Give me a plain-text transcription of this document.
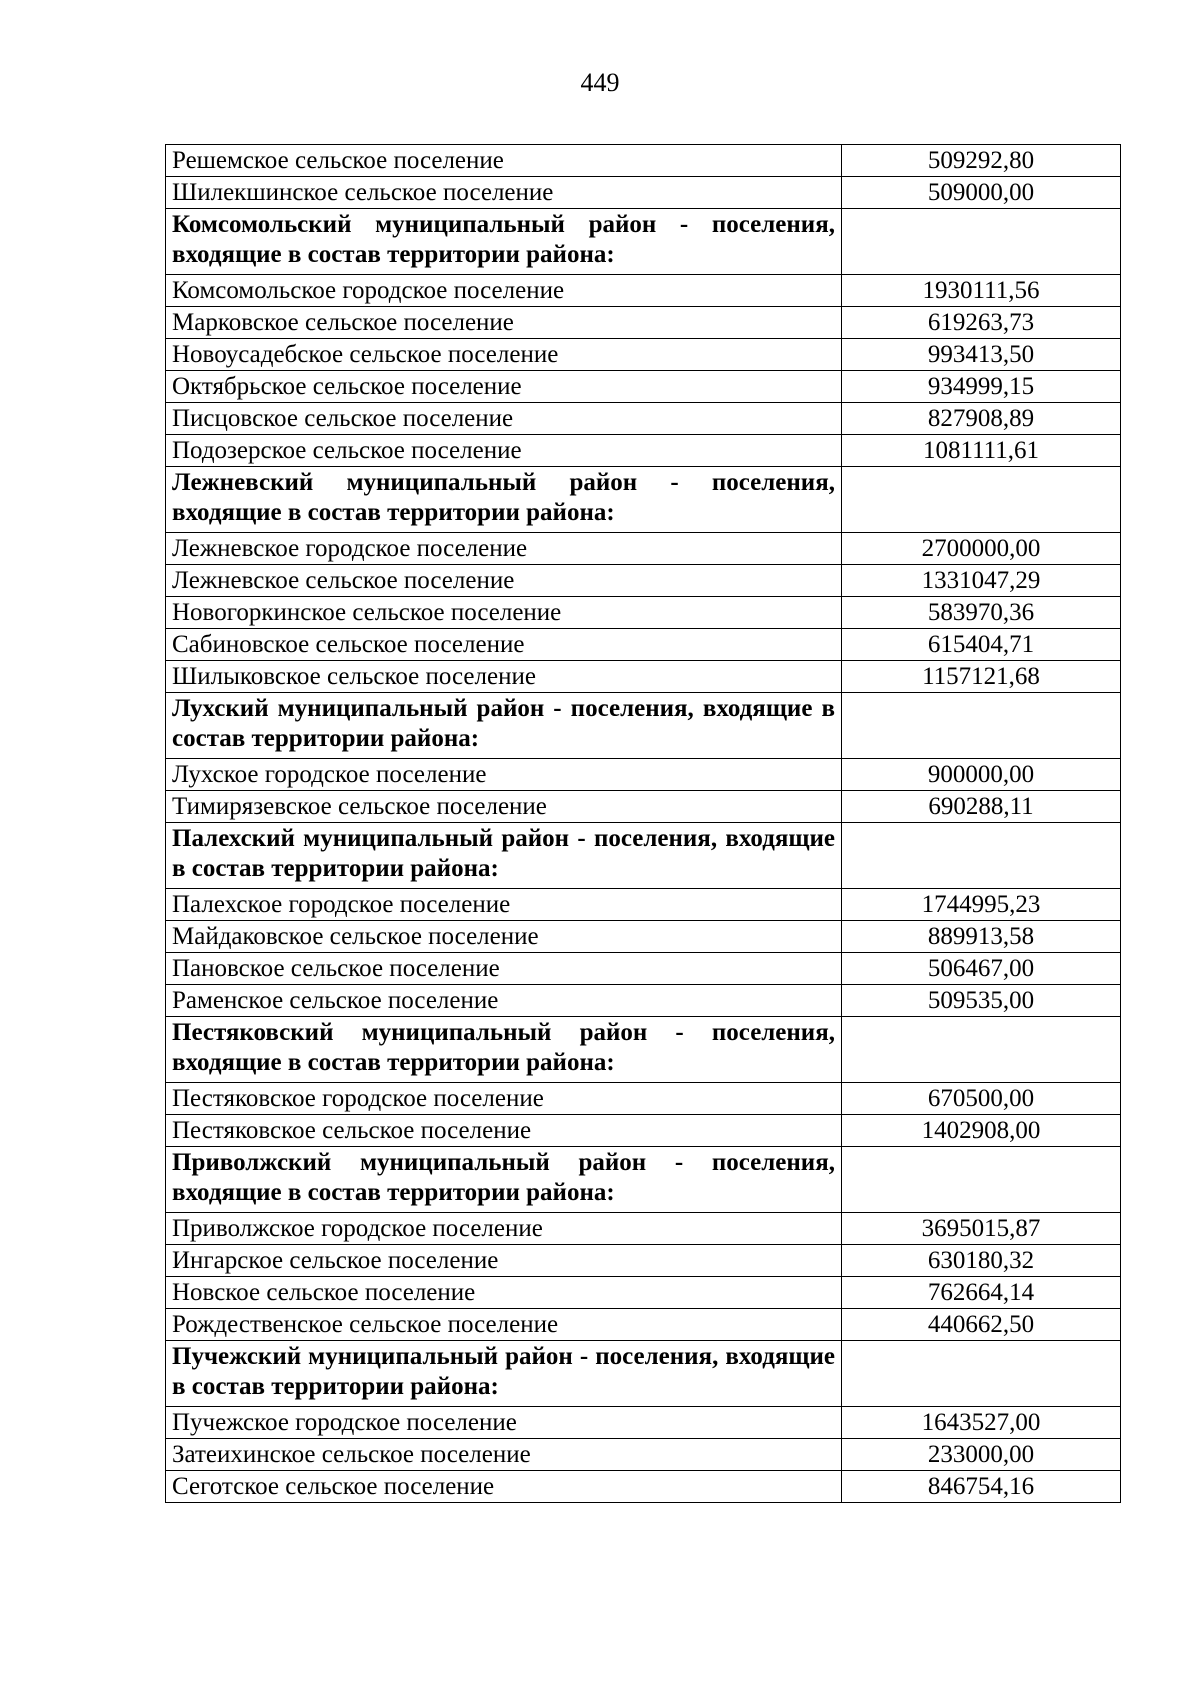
449
Решемское сельское поселение	509292,80
Шилекшинское сельское поселение	509000,00
Комсомольский муниципальный район - поселения, входящие в состав территории района:	
Комсомольское городское поселение	1930111,56
Марковское сельское поселение	619263,73
Новоусадебское сельское поселение	993413,50
Октябрьское сельское поселение	934999,15
Писцовское сельское поселение	827908,89
Подозерское сельское поселение	1081111,61
Лежневский муниципальный район - поселения, входящие в состав территории района:	
Лежневское городское поселение	2700000,00
Лежневское сельское поселение	1331047,29
Новогоркинское сельское поселение	583970,36
Сабиновское сельское поселение	615404,71
Шилыковское сельское поселение	1157121,68
Лухский муниципальный район - поселения, входящие в состав территории района:	
Лухское городское поселение	900000,00
Тимирязевское сельское поселение	690288,11
Палехский муниципальный район - поселения, входящие в состав территории района:	
Палехское городское поселение	1744995,23
Майдаковское сельское поселение	889913,58
Пановское сельское поселение	506467,00
Раменское сельское поселение	509535,00
Пестяковский муниципальный район - поселения, входящие в состав территории района:	
Пестяковское городское поселение	670500,00
Пестяковское сельское поселение	1402908,00
Приволжский муниципальный район - поселения, входящие в состав территории района:	
Приволжское городское поселение	3695015,87
Ингарское сельское поселение	630180,32
Новское сельское поселение	762664,14
Рождественское сельское поселение	440662,50
Пучежский муниципальный район - поселения, входящие в состав территории района:	
Пучежское городское поселение	1643527,00
Затеихинское сельское поселение	233000,00
Сеготское сельское поселение	846754,16
